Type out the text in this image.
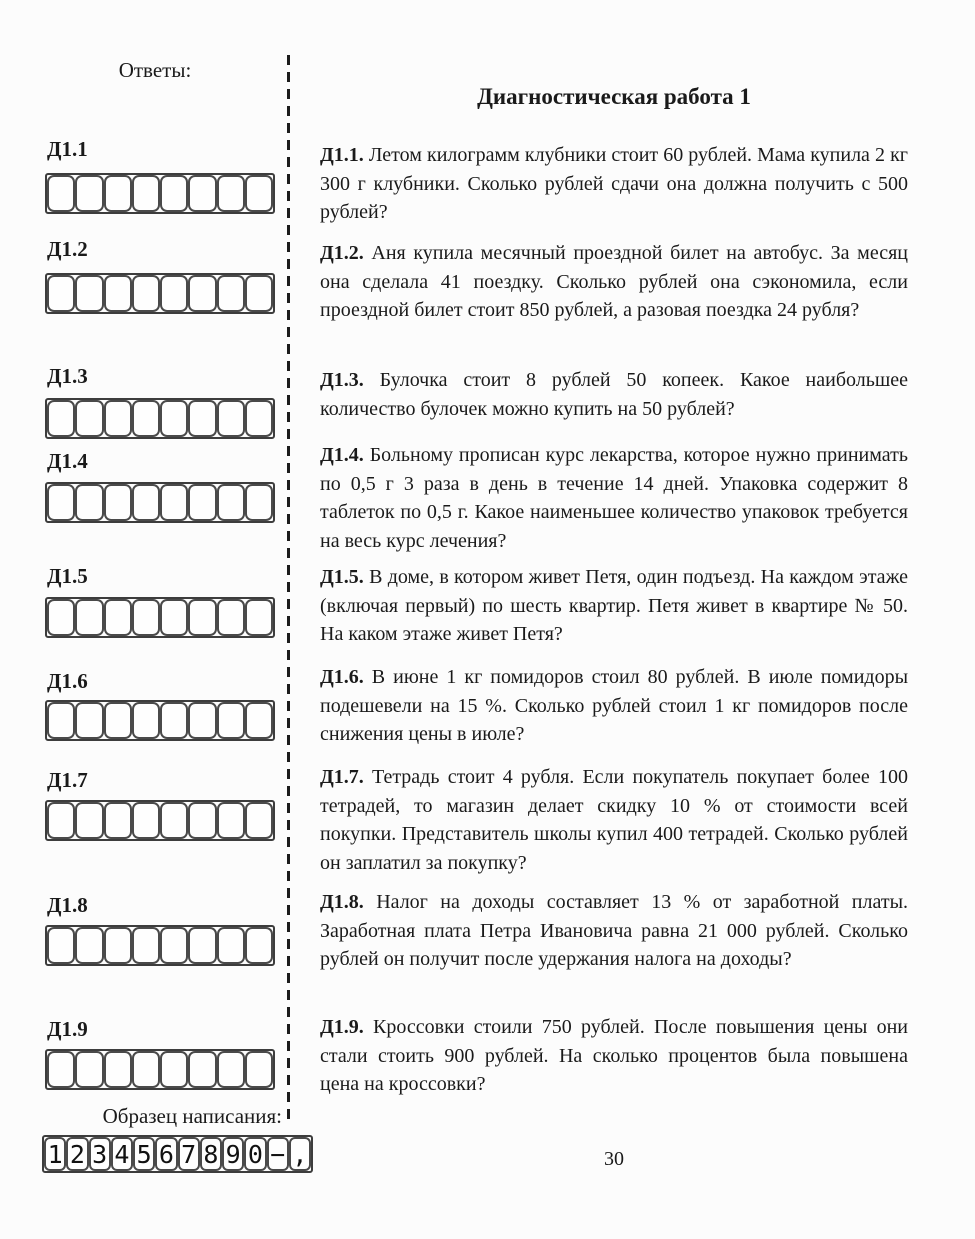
Ответы:
Д1.1
Д1.2
Д1.3
Д1.4
Д1.5
Д1.6
Д1.7
Д1.8
Д1.9
Образец написания:
1 2 3 4 5 6 7 8 9 0 − ,
Диагностическая работа 1

Д1.1. Летом килограмм клубники стоит 60 рублей. Мама купила 2 кг 300 г клубники. Сколько рублей сдачи она должна получить с 500 рублей?

Д1.2. Аня купила месячный проездной билет на автобус. За месяц она сделала 41 поездку. Сколько рублей она сэкономила, если проездной билет стоит 850 рублей, а разовая поездка 24 рубля?

Д1.3. Булочка стоит 8 рублей 50 копеек. Какое наибольшее количество булочек можно купить на 50 рублей?

Д1.4. Больному прописан курс лекарства, которое нужно принимать по 0,5 г 3 раза в день в течение 14 дней. Упаковка содержит 8 таблеток по 0,5 г. Какое наименьшее количество упаковок требуется на весь курс лечения?

Д1.5. В доме, в котором живет Петя, один подъезд. На каждом этаже (включая первый) по шесть квартир. Петя живет в квартире № 50. На каком этаже живет Петя?

Д1.6. В июне 1 кг помидоров стоил 80 рублей. В июле помидоры подешевели на 15 %. Сколько рублей стоил 1 кг помидоров после снижения цены в июле?

Д1.7. Тетрадь стоит 4 рубля. Если покупатель покупает более 100 тетрадей, то магазин делает скидку 10 % от стоимости всей покупки. Представитель школы купил 400 тетрадей. Сколько рублей он заплатил за покупку?

Д1.8. Налог на доходы составляет 13 % от заработной платы. Заработная плата Петра Ивановича равна 21 000 рублей. Сколько рублей он получит после удержания налога на доходы?

Д1.9. Кроссовки стоили 750 рублей. После повышения цены они стали стоить 900 рублей. На сколько процентов была повышена цена на кроссовки?

30
